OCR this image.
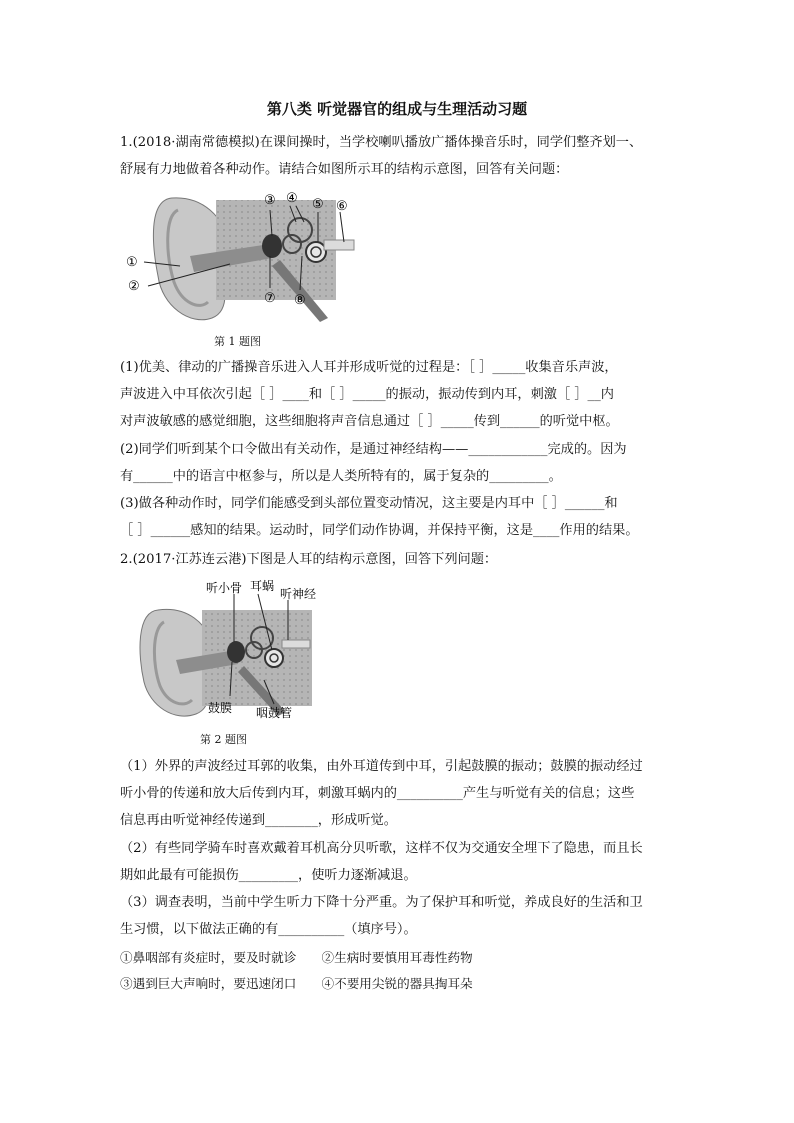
第八类 听觉器官的组成与生理活动习题
1.(2018·湖南常德模拟)在课间操时，当学校喇叭播放广播体操音乐时，同学们整齐划一、
舒展有力地做着各种动作。请结合如图所示耳的结构示意图，回答有关问题：
①
②
③ ④ ⑤ ⑥
⑦ ⑧
第 1 题图
(1)优美、律动的广播操音乐进入人耳并形成听觉的过程是：［ ］_____收集音乐声波，
声波进入中耳依次引起［ ］____和［ ］_____的振动，振动传到内耳，刺激［ ］__内
对声波敏感的感觉细胞，这些细胞将声音信息通过［ ］_____传到______的听觉中枢。
(2)同学们听到某个口令做出有关动作，是通过神经结构——____________完成的。因为
有______中的语言中枢参与，所以是人类所特有的，属于复杂的_________。
(3)做各种动作时，同学们能感受到头部位置变动情况，这主要是内耳中［ ］______和
［ ］______感知的结果。运动时，同学们动作协调，并保持平衡，这是____作用的结果。
2.(2017·江苏连云港)下图是人耳的结构示意图，回答下列问题：
听小骨 耳蜗
听神经
鼓膜 咽鼓管
第 2 题图
（1）外界的声波经过耳郭的收集，由外耳道传到中耳，引起鼓膜的振动；鼓膜的振动经过
听小骨的传递和放大后传到内耳，刺激耳蜗内的__________产生与听觉有关的信息；这些
信息再由听觉神经传递到________，形成听觉。
（2）有些同学骑车时喜欢戴着耳机高分贝听歌，这样不仅为交通安全埋下了隐患，而且长
期如此最有可能损伤_________，使听力逐渐减退。
（3）调查表明，当前中学生听力下降十分严重。为了保护耳和听觉，养成良好的生活和卫
生习惯，以下做法正确的有__________（填序号）。
①鼻咽部有炎症时，要及时就诊　　②生病时要慎用耳毒性药物
③遇到巨大声响时，要迅速闭口　　④不要用尖锐的器具掏耳朵
